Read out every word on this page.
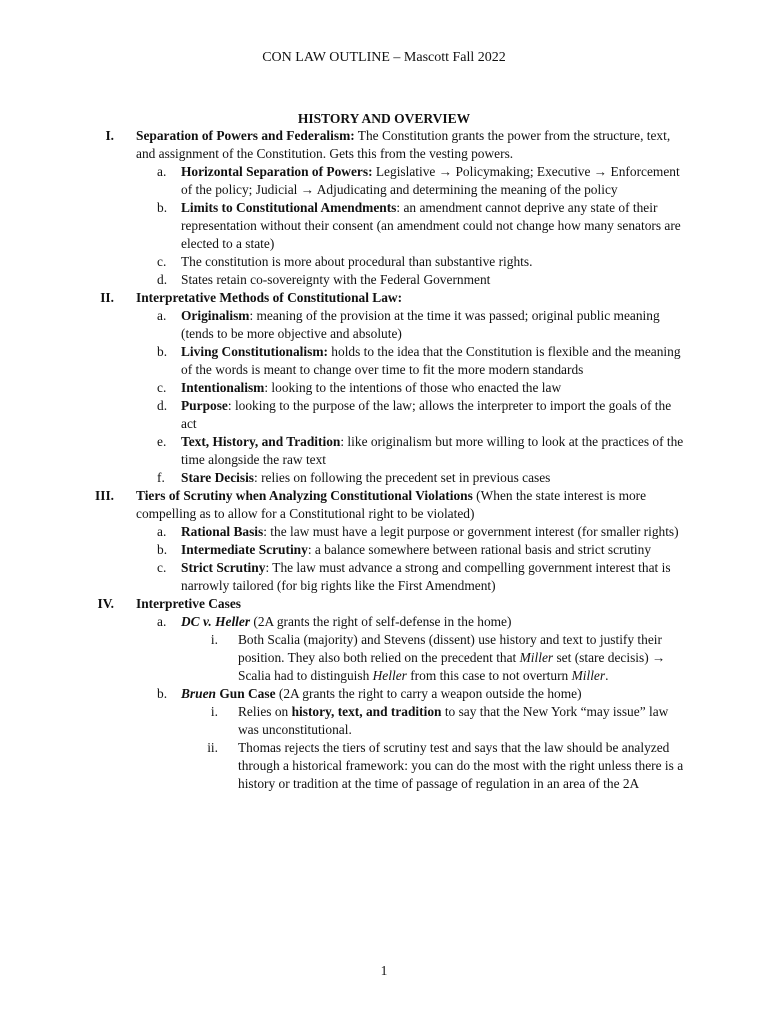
CON LAW OUTLINE – Mascott Fall 2022
HISTORY AND OVERVIEW
I. Separation of Powers and Federalism: The Constitution grants the power from the structure, text, and assignment of the Constitution. Gets this from the vesting powers.
a. Horizontal Separation of Powers: Legislative → Policymaking; Executive → Enforcement of the policy; Judicial → Adjudicating and determining the meaning of the policy
b. Limits to Constitutional Amendments: an amendment cannot deprive any state of their representation without their consent (an amendment could not change how many senators are elected to a state)
c. The constitution is more about procedural than substantive rights.
d. States retain co-sovereignty with the Federal Government
II. Interpretative Methods of Constitutional Law:
a. Originalism: meaning of the provision at the time it was passed; original public meaning (tends to be more objective and absolute)
b. Living Constitutionalism: holds to the idea that the Constitution is flexible and the meaning of the words is meant to change over time to fit the more modern standards
c. Intentionalism: looking to the intentions of those who enacted the law
d. Purpose: looking to the purpose of the law; allows the interpreter to import the goals of the act
e. Text, History, and Tradition: like originalism but more willing to look at the practices of the time alongside the raw text
f. Stare Decisis: relies on following the precedent set in previous cases
III. Tiers of Scrutiny when Analyzing Constitutional Violations (When the state interest is more compelling as to allow for a Constitutional right to be violated)
a. Rational Basis: the law must have a legit purpose or government interest (for smaller rights)
b. Intermediate Scrutiny: a balance somewhere between rational basis and strict scrutiny
c. Strict Scrutiny: The law must advance a strong and compelling government interest that is narrowly tailored (for big rights like the First Amendment)
IV. Interpretive Cases
a. DC v. Heller (2A grants the right of self-defense in the home)
i. Both Scalia (majority) and Stevens (dissent) use history and text to justify their position. They also both relied on the precedent that Miller set (stare decisis) → Scalia had to distinguish Heller from this case to not overturn Miller.
b. Bruen Gun Case (2A grants the right to carry a weapon outside the home)
i. Relies on history, text, and tradition to say that the New York “may issue” law was unconstitutional.
ii. Thomas rejects the tiers of scrutiny test and says that the law should be analyzed through a historical framework: you can do the most with the right unless there is a history or tradition at the time of passage of regulation in an area of the 2A
1
